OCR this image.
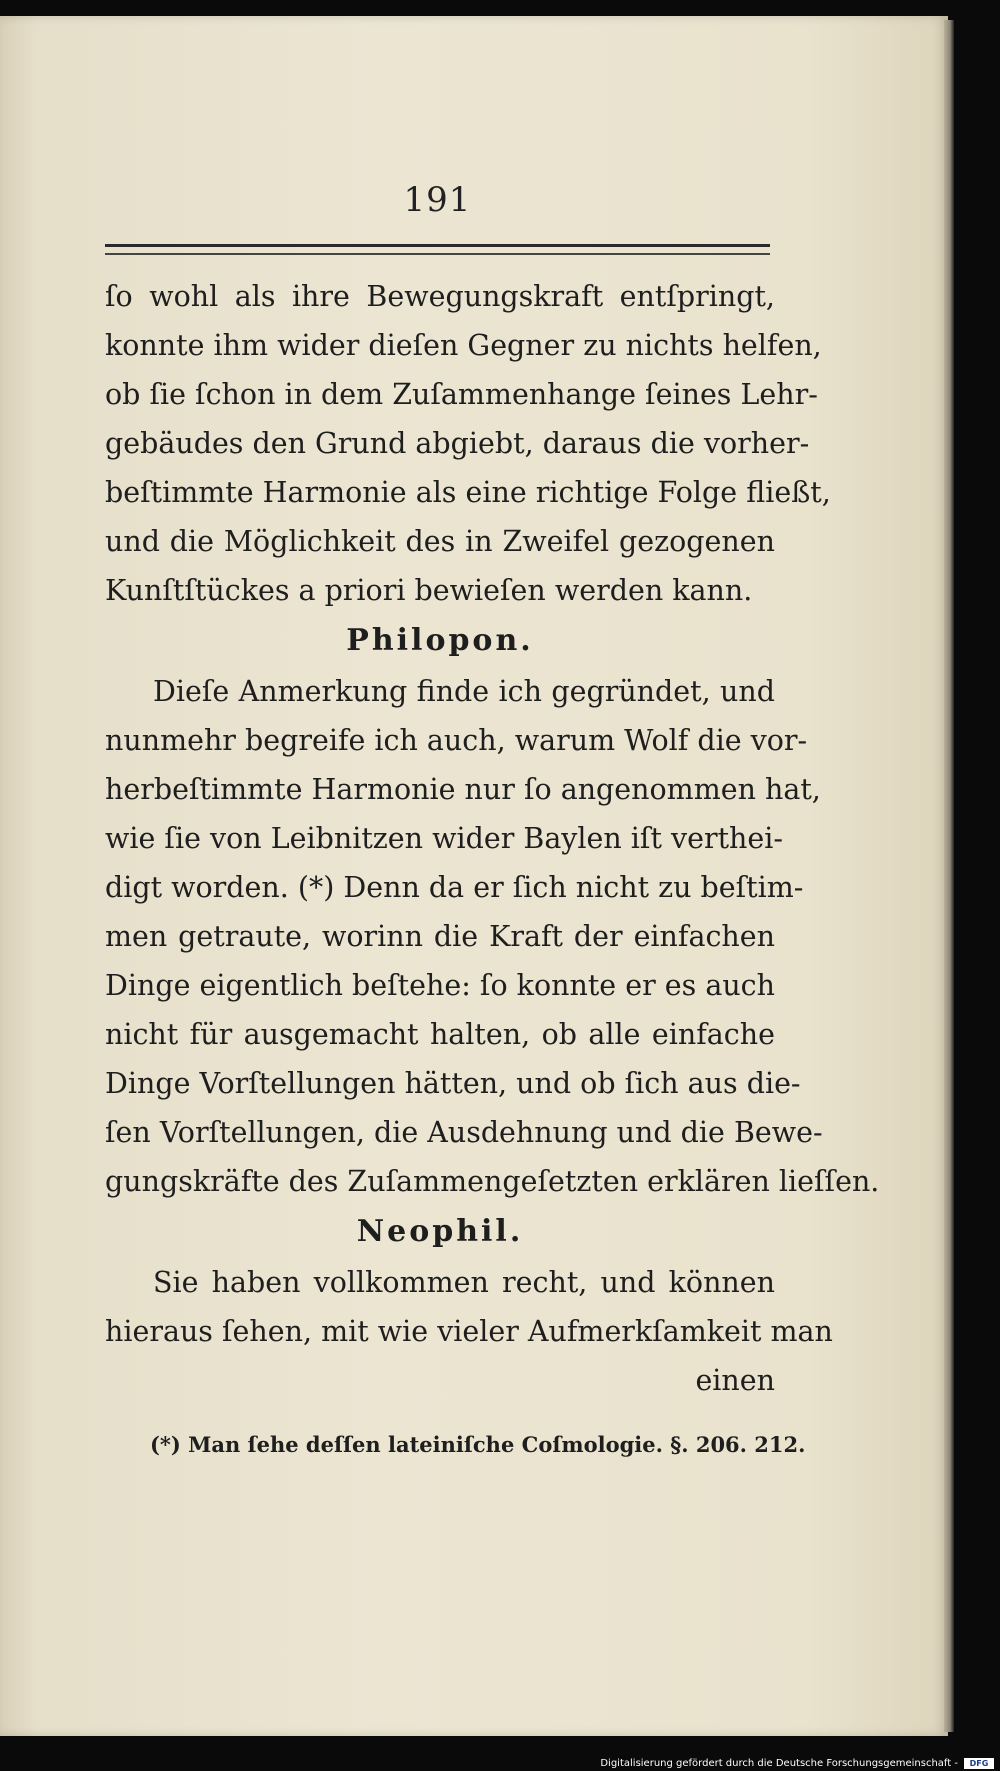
191
ſo wohl als ihre Bewegungskraft entſpringt,
konnte ihm wider dieſen Gegner zu nichts helfen,
ob ſie ſchon in dem Zuſammenhange ſeines Lehr-
gebäudes den Grund abgiebt, daraus die vorher-
beſtimmte Harmonie als eine richtige Folge fließt,
und die Möglichkeit des in Zweifel gezogenen
Kunſtſtückes a priori bewieſen werden kann.
Philopon.
Dieſe Anmerkung finde ich gegründet, und
nunmehr begreife ich auch, warum Wolf die vor-
herbeſtimmte Harmonie nur ſo angenommen hat,
wie ſie von Leibnitzen wider Baylen iſt verthei-
digt worden. (*) Denn da er ſich nicht zu beſtim-
men getraute, worinn die Kraft der einfachen
Dinge eigentlich beſtehe: ſo konnte er es auch
nicht für ausgemacht halten, ob alle einfache
Dinge Vorſtellungen hätten, und ob ſich aus die-
ſen Vorſtellungen, die Ausdehnung und die Bewe-
gungskräfte des Zuſammengeſetzten erklären lieſſen.
Neophil.
Sie haben vollkommen recht, und können
hieraus ſehen, mit wie vieler Aufmerkſamkeit man
einen
(*) Man ſehe deſſen lateiniſche Coſmologie. §. 206. 212.
Digitalisierung gefördert durch die Deutsche Forschungsgemeinschaft -	DFG
